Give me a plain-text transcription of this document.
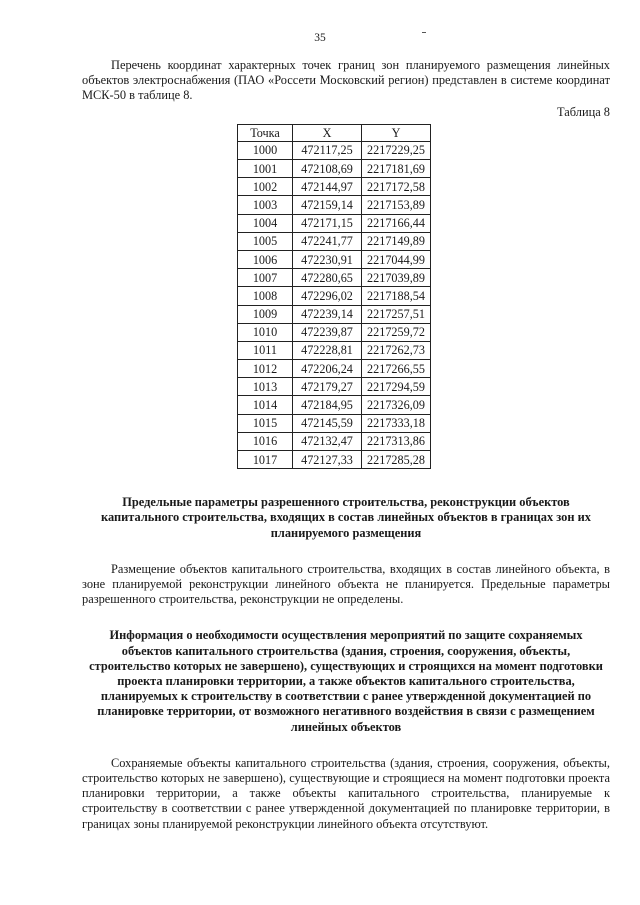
35

Перечень координат характерных точек границ зон планируемого размещения линейных объектов электроснабжения (ПАО «Россети Московский регион) представлен в системе координат МСК-50 в таблице 8.

Таблица 8
Точка	X	Y
1000	472117,25	2217229,25
1001	472108,69	2217181,69
1002	472144,97	2217172,58
1003	472159,14	2217153,89
1004	472171,15	2217166,44
1005	472241,77	2217149,89
1006	472230,91	2217044,99
1007	472280,65	2217039,89
1008	472296,02	2217188,54
1009	472239,14	2217257,51
1010	472239,87	2217259,72
1011	472228,81	2217262,73
1012	472206,24	2217266,55
1013	472179,27	2217294,59
1014	472184,95	2217326,09
1015	472145,59	2217333,18
1016	472132,47	2217313,86
1017	472127,33	2217285,28
Предельные параметры разрешенного строительства, реконструкции объектов капитального строительства, входящих в состав линейных объектов в границах зон их планируемого размещения

Размещение объектов капитального строительства, входящих в состав линейного объекта, в зоне планируемой реконструкции линейного объекта не планируется. Предельные параметры разрешенного строительства, реконструкции не определены.

Информация о необходимости осуществления мероприятий по защите сохраняемых объектов капитального строительства (здания, строения, сооружения, объекты, строительство которых не завершено), существующих и строящихся на момент подготовки проекта планировки территории, а также объектов капитального строительства, планируемых к строительству в соответствии с ранее утвержденной документацией по планировке территории, от возможного негативного воздействия в связи с размещением линейных объектов

Сохраняемые объекты капитального строительства (здания, строения, сооружения, объекты, строительство которых не завершено), существующие и строящиеся на момент подготовки проекта планировки территории, а также объекты капитального строительства, планируемые к строительству в соответствии с ранее утвержденной документацией по планировке территории, в границах зоны планируемой реконструкции линейного объекта отсутствуют.
